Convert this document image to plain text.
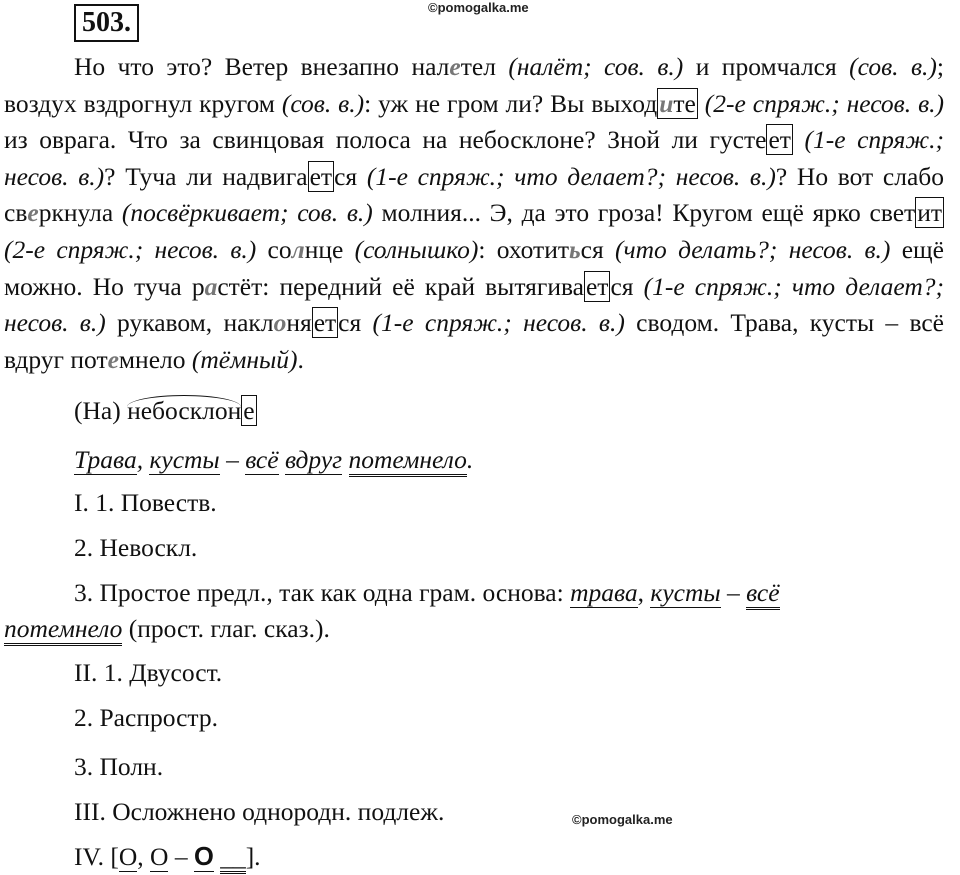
503.	©pomogalka.me

Но что это? Ветер внезапно налетел (налёт; сов. в.) и промчался (сов. в.); воздух вздрогнул кругом (сов. в.): уж не гром ли? Вы выходите (2-е спряж.; несов. в.) из оврага. Что за свинцовая полоса на небосклоне? Зной ли густеет (1-е спряж.; несов. в.)? Туча ли надвигается (1-е спряж.; что делает?; несов. в.)? Но вот слабо сверкнула (посвёркивает; сов. в.) молния... Э, да это гроза! Кругом ещё ярко светит (2-е спряж.; несов. в.) солнце (солнышко): охотиться (что делать?; несов. в.) ещё можно. Но туча растёт: передний её край вытягивается (1-е спряж.; что делает?; несов. в.) рукавом, наклоняется (1-е спряж.; несов. в.) сводом. Трава, кусты – всё вдруг потемнело (тёмный).

(На) небосклоне
Трава, кусты – всё вдруг потемнело.
I. 1. Повеств.
2. Невоскл.
3. Простое предл., так как одна грам. основа: трава, кусты – всё
потемнело (прост. глаг. сказ.).
II. 1. Двусост.
2. Распростр.
3. Полн.
III. Осложнено однородн. подлеж.	©pomogalka.me
IV. [О, О – О __].
